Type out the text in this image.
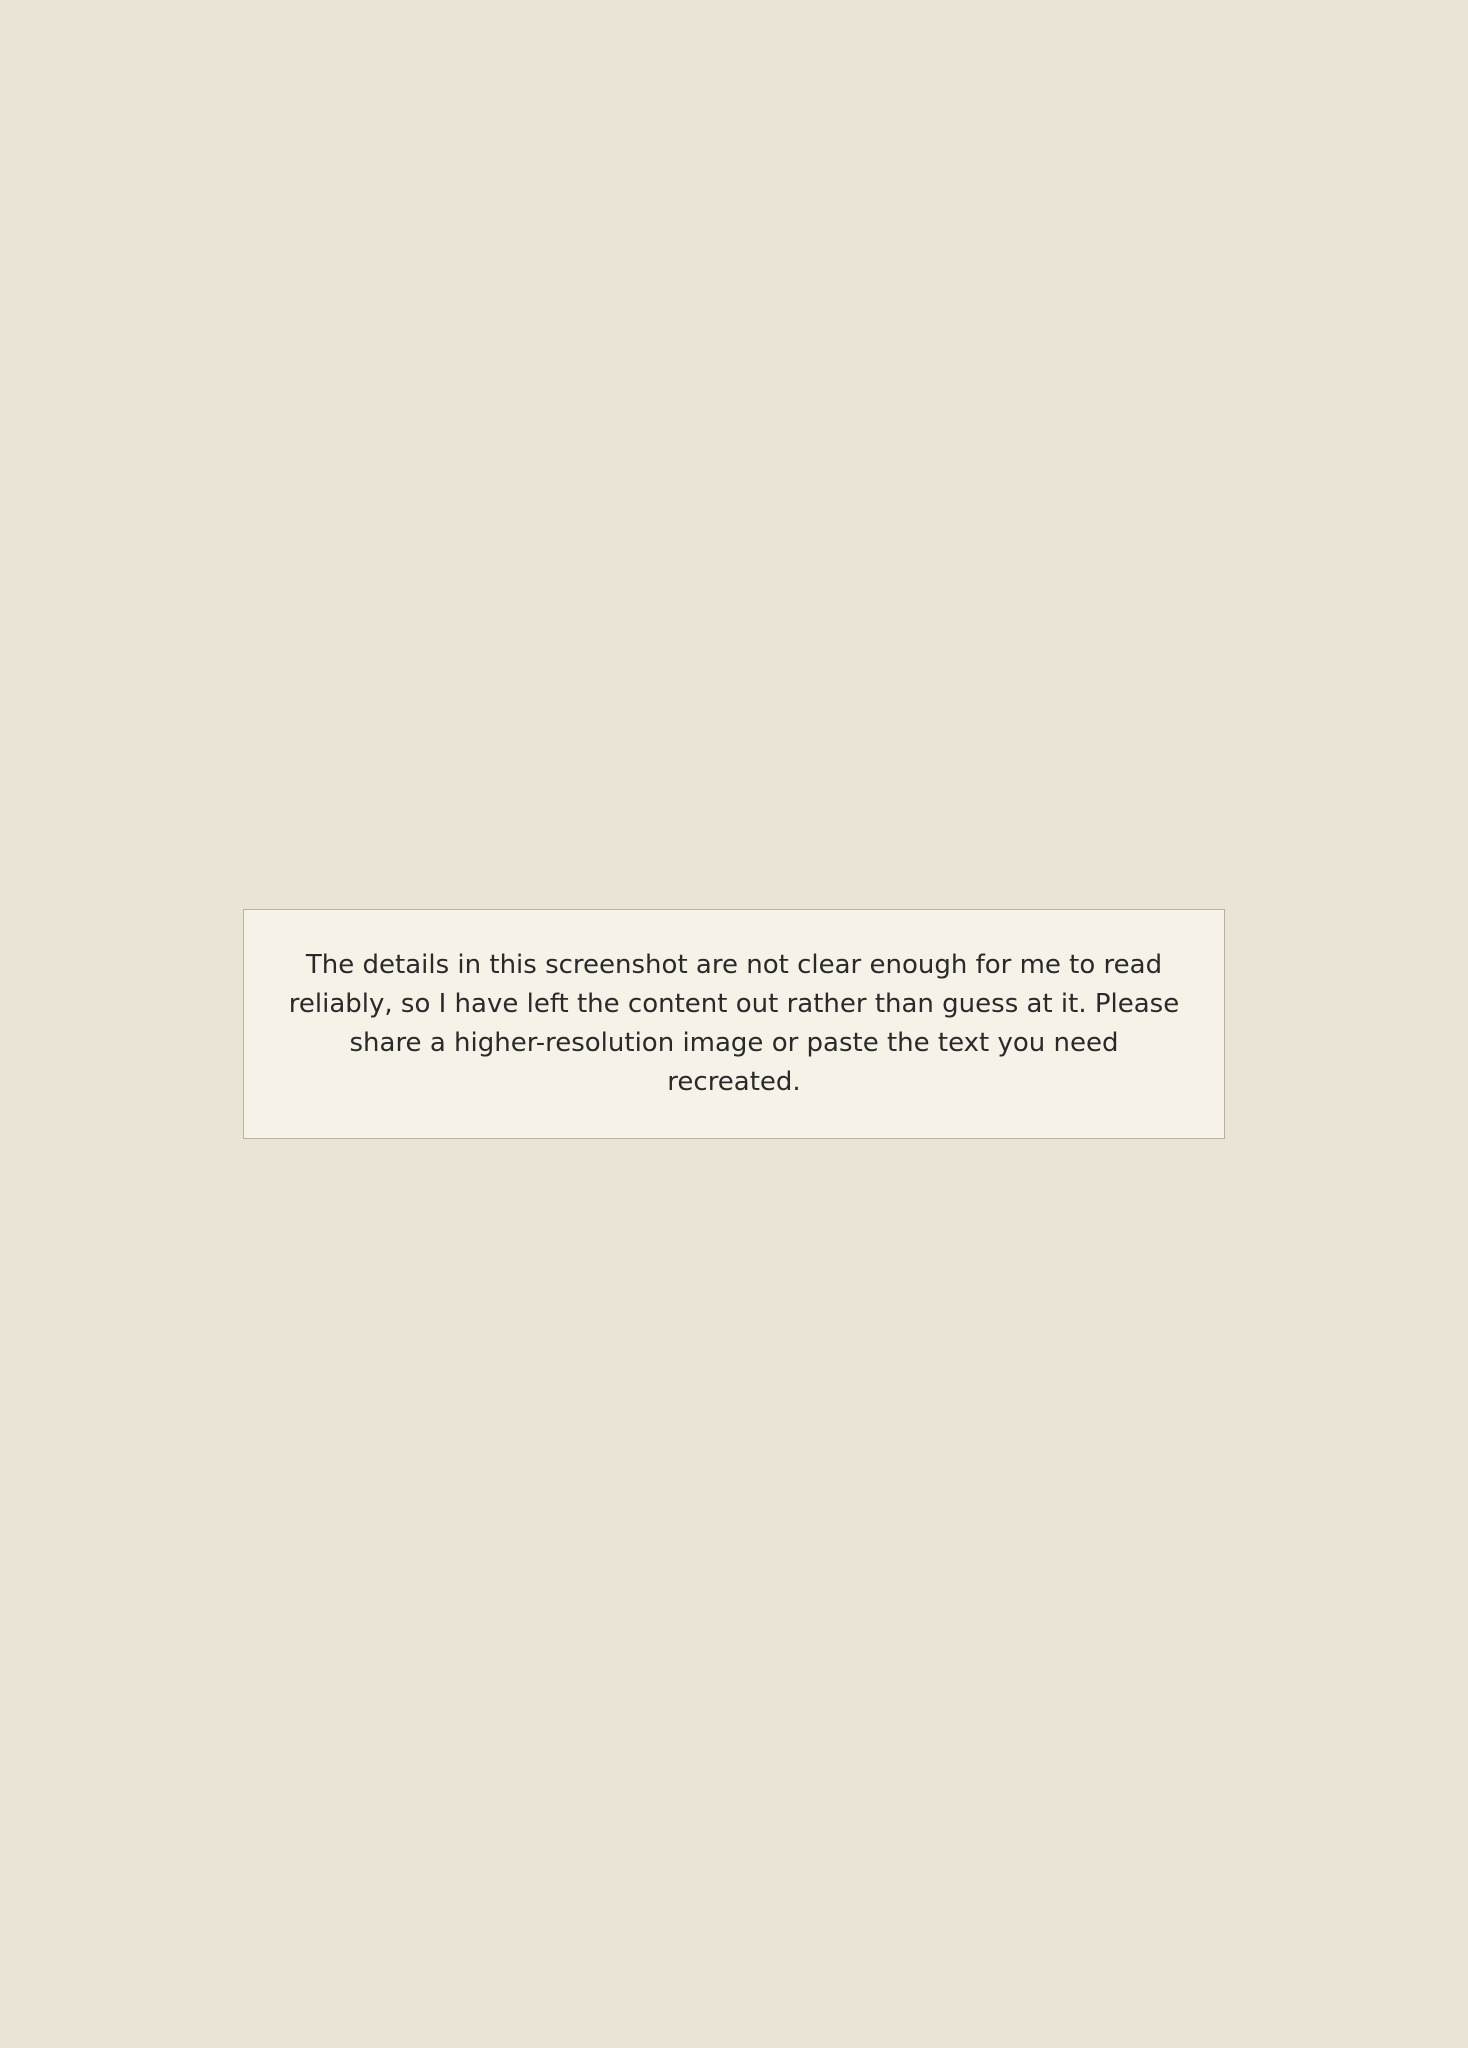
The details in this screenshot are not clear enough for me to read reliably, so I have left the content out rather than guess at it. Please share a higher-resolution image or paste the text you need recreated.
